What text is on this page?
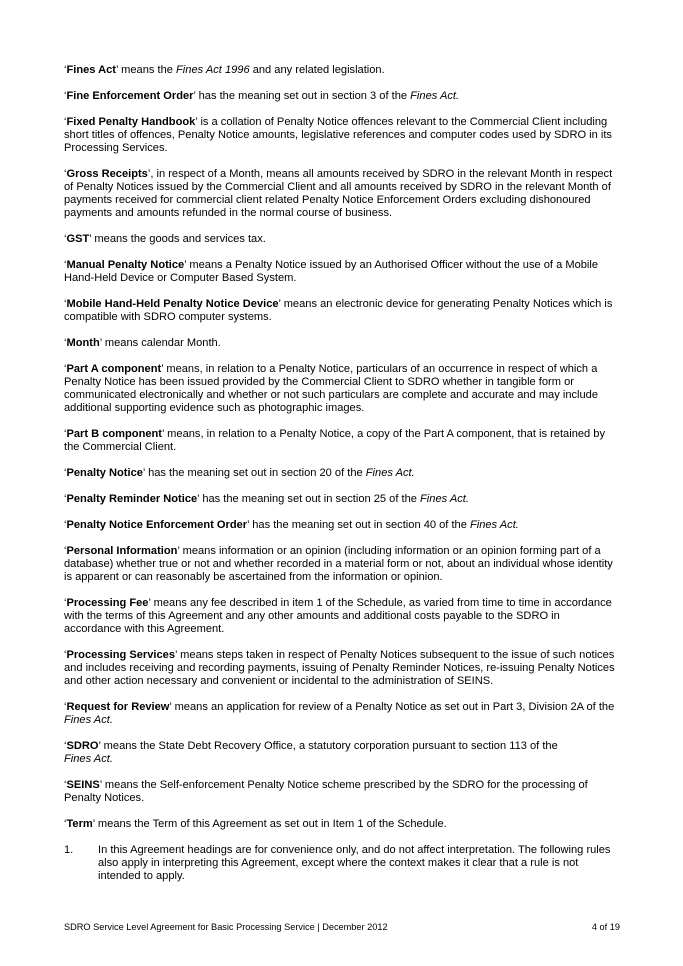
‘Fines Act’ means the Fines Act 1996 and any related legislation.

‘Fine Enforcement Order’ has the meaning set out in section 3 of the Fines Act.

‘Fixed Penalty Handbook’ is a collation of Penalty Notice offences relevant to the Commercial Client including short titles of offences, Penalty Notice amounts, legislative references and computer codes used by SDRO in its Processing Services.

‘Gross Receipts’, in respect of a Month, means all amounts received by SDRO in the relevant Month in respect of Penalty Notices issued by the Commercial Client and all amounts received by SDRO in the relevant Month of payments received for commercial client related Penalty Notice Enforcement Orders excluding dishonoured payments and amounts refunded in the normal course of business.

‘GST’ means the goods and services tax.

‘Manual Penalty Notice’ means a Penalty Notice issued by an Authorised Officer without the use of a Mobile Hand-Held Device or Computer Based System.

‘Mobile Hand-Held Penalty Notice Device’ means an electronic device for generating Penalty Notices which is compatible with SDRO computer systems.

‘Month’ means calendar Month.

‘Part A component’ means, in relation to a Penalty Notice, particulars of an occurrence in respect of which a Penalty Notice has been issued provided by the Commercial Client to SDRO whether in tangible form or communicated electronically and whether or not such particulars are complete and accurate and may include additional supporting evidence such as photographic images.

‘Part B component’ means, in relation to a Penalty Notice, a copy of the Part A component, that is retained by the Commercial Client.

‘Penalty Notice’ has the meaning set out in section 20 of the Fines Act.

‘Penalty Reminder Notice’ has the meaning set out in section 25 of the Fines Act.

‘Penalty Notice Enforcement Order’ has the meaning set out in section 40 of the Fines Act.

‘Personal Information’ means information or an opinion (including information or an opinion forming part of a database) whether true or not and whether recorded in a material form or not, about an individual whose identity is apparent or can reasonably be ascertained from the information or opinion.

‘Processing Fee’ means any fee described in item 1 of the Schedule, as varied from time to time in accordance with the terms of this Agreement and any other amounts and additional costs payable to the SDRO in accordance with this Agreement.

‘Processing Services’ means steps taken in respect of Penalty Notices subsequent to the issue of such notices and includes receiving and recording payments, issuing of Penalty Reminder Notices, re-issuing Penalty Notices and other action necessary and convenient or incidental to the administration of SEINS.

‘Request for Review’ means an application for review of a Penalty Notice as set out in Part 3, Division 2A of the Fines Act.

‘SDRO’ means the State Debt Recovery Office, a statutory corporation pursuant to section 113 of the
Fines Act.

‘SEINS’ means the Self-enforcement Penalty Notice scheme prescribed by the SDRO for the processing of Penalty Notices.

‘Term’ means the Term of this Agreement as set out in Item 1 of the Schedule.

1. In this Agreement headings are for convenience only, and do not affect interpretation. The following rules also apply in interpreting this Agreement, except where the context makes it clear that a rule is not intended to apply.

SDRO Service Level Agreement for Basic Processing Service | December 2012	4 of 19
